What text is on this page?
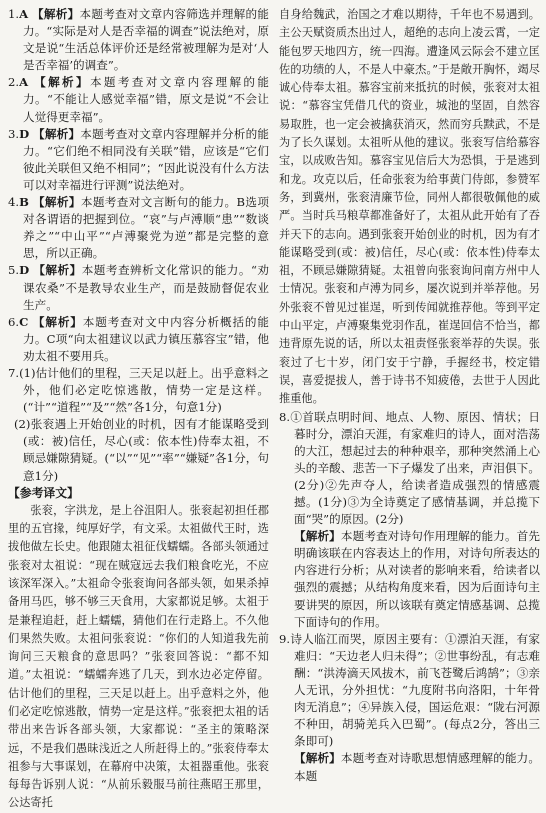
1.A 【解析】本题考查对文章内容筛选并理解的能力。“实际是对人是否幸福的调查”说法绝对，原文是说“生活总体评价还是经常被理解为是对‘人是否幸福’的调查”。

2.A 【解析】本题考查对文章内容理解的能力。“不能让人感觉幸福”错，原文是说“不会让人觉得更幸福”。

3.D 【解析】本题考查对文章内容理解并分析的能力。“它们绝不相同没有关联”错，应该是“它们彼此关联但又绝不相同”；“因此说没有什么方法可以对幸福进行评测”说法绝对。

4.B 【解析】本题考查对文言断句的能力。B选项对各谓语的把握到位。“哀”与卢溥顺“患”“数谈养之”“中山平”“卢溥聚党为逆”都是完整的意思，所以正确。

5.D 【解析】本题考查辨析文化常识的能力。“劝课农桑”不是教导农业生产，而是鼓励督促农业生产。

6.C 【解析】本题考查对文中内容分析概括的能力。C项“向太祖建议以武力镇压慕容宝”错，他劝太祖不要用兵。

7.(1)估计他们的里程，三天足以赶上。出乎意料之外，他们必定吃惊逃散，情势一定是这样。(“计”“道程”“及”“然”各1分，句意1分)

(2)张衮遇上开始创业的时机，因有才能谋略受到(或：被)信任，尽心(或：依本性)侍奉太祖，不顾忌嫌隙猜疑。(“以”“见”“率”“嫌疑”各1分，句意1分)

【参考译文】

张衮，字洪龙，是上谷沮阳人。张衮起初担任郡里的五官掾，纯厚好学，有文采。太祖做代王时，选拔他做左长史。他跟随太祖征伐蠕蠕。各部头领通过张衮对太祖说：“现在贼寇远去我们粮食吃光，不应该深军深入。”太祖命令张衮询问各部头领，如果杀掉备用马匹，够不够三天食用，大家都说足够。太祖于是兼程追赶，赶上蠕蠕，猜他们在行走路上。不久他们果然失败。太祖问张衮说：“你们的人知道我先前询问三天粮食的意思吗？”张衮回答说：“都不知道。”太祖说：“蠕蠕奔逃了几天，到水边必定停留。估计他们的里程，三天足以赶上。出乎意料之外，他们必定吃惊逃散，情势一定是这样。”张衮把太祖的话带出来告诉各部头领，大家都说：“圣主的策略深远，不是我们愚昧浅近之人所赶得上的。”张衮侍奉太祖参与大事谋划，在幕府中决策，太祖器重他。张衮每每告诉别人说：“从前乐毅服马前往燕昭王那里，公达寄托

自身给魏武，治国之才难以期待，千年也不易遇到。主公天赋资质杰出过人，超绝的志向上凌云霄，一定能包罗天地四方，统一四海。遭逢风云际会不建立匡佐的功绩的人，不是人中豪杰。”于是敞开胸怀，竭尽诚心侍奉太祖。慕容宝前来抵抗的时候，张衮对太祖说：“慕容宝凭借几代的资业，城池的坚固，自然容易取胜，也一定会被擒获消灭，然而穷兵黩武，不是为了长久谋划。太祖听从他的建议。张衮写信给慕容宝，以成败告知。慕容宝见信后大为恐惧，于是逃到和龙。攻克以后，任命张衮为给事黄门侍郎，参赞军务，到冀州，张衮清廉节俭，同州人都很敬佩他的威严。当时兵马粮草都准备好了，太祖从此开始有了吞并天下的志向。遇到张衮开始创业的时机，因为有才能谋略受到(或：被)信任，尽心(或：依本性)侍奉太祖，不顾忌嫌隙猜疑。太祖曾向张衮询问南方州中人士情况。张衮和卢溥为同乡，屡次说到并举荐他。另外张衮不曾见过崔逞，听到传闻就推荐他。等到平定中山平定，卢溥聚集党羽作乱，崔逞回信不恰当，都违背原先说的话，所以太祖责怪张衮举荐的失误。张衮过了七十岁，闭门安于宁静，手握经书，校定错误，喜爱提拔人，善于诗书不知疲倦，去世于人因此推重他。

8.①首联点明时间、地点、人物、原因、情状；日暮时分，漂泊天涯，有家难归的诗人，面对浩荡的大江，想起过去的种种艰辛，那种突然涌上心头的辛酸、悲苦一下子爆发了出来，声泪俱下。(2分)②先声夺人，给读者造成强烈的情感震撼。(1分)③为全诗奠定了感情基调，并总揽下面“哭”的原因。(2分)

【解析】本题考查对诗句作用理解的能力。首先明确该联在内容表达上的作用，对诗句所表达的内容进行分析；从对读者的影响来看，给读者以强烈的震撼；从结构角度来看，因为后面诗句主要讲哭的原因，所以该联有奠定情感基调、总揽下面诗句的作用。

9.诗人临江而哭，原因主要有：①漂泊天涯，有家难归：“天边老人归未得”；②世事纷乱，有志难酬：“洪涛滴天风拔木，前飞苍鹭后鸿鹄”；③亲人无讯，分外担忧：“九度附书向洛阳，十年骨肉无消息”；④异族入侵，国运危艰：“陇右河源不种田，胡骑羌兵入巴蜀”。(每点2分，答出三条即可)

【解析】本题考查对诗歌思想情感理解的能力。本题
